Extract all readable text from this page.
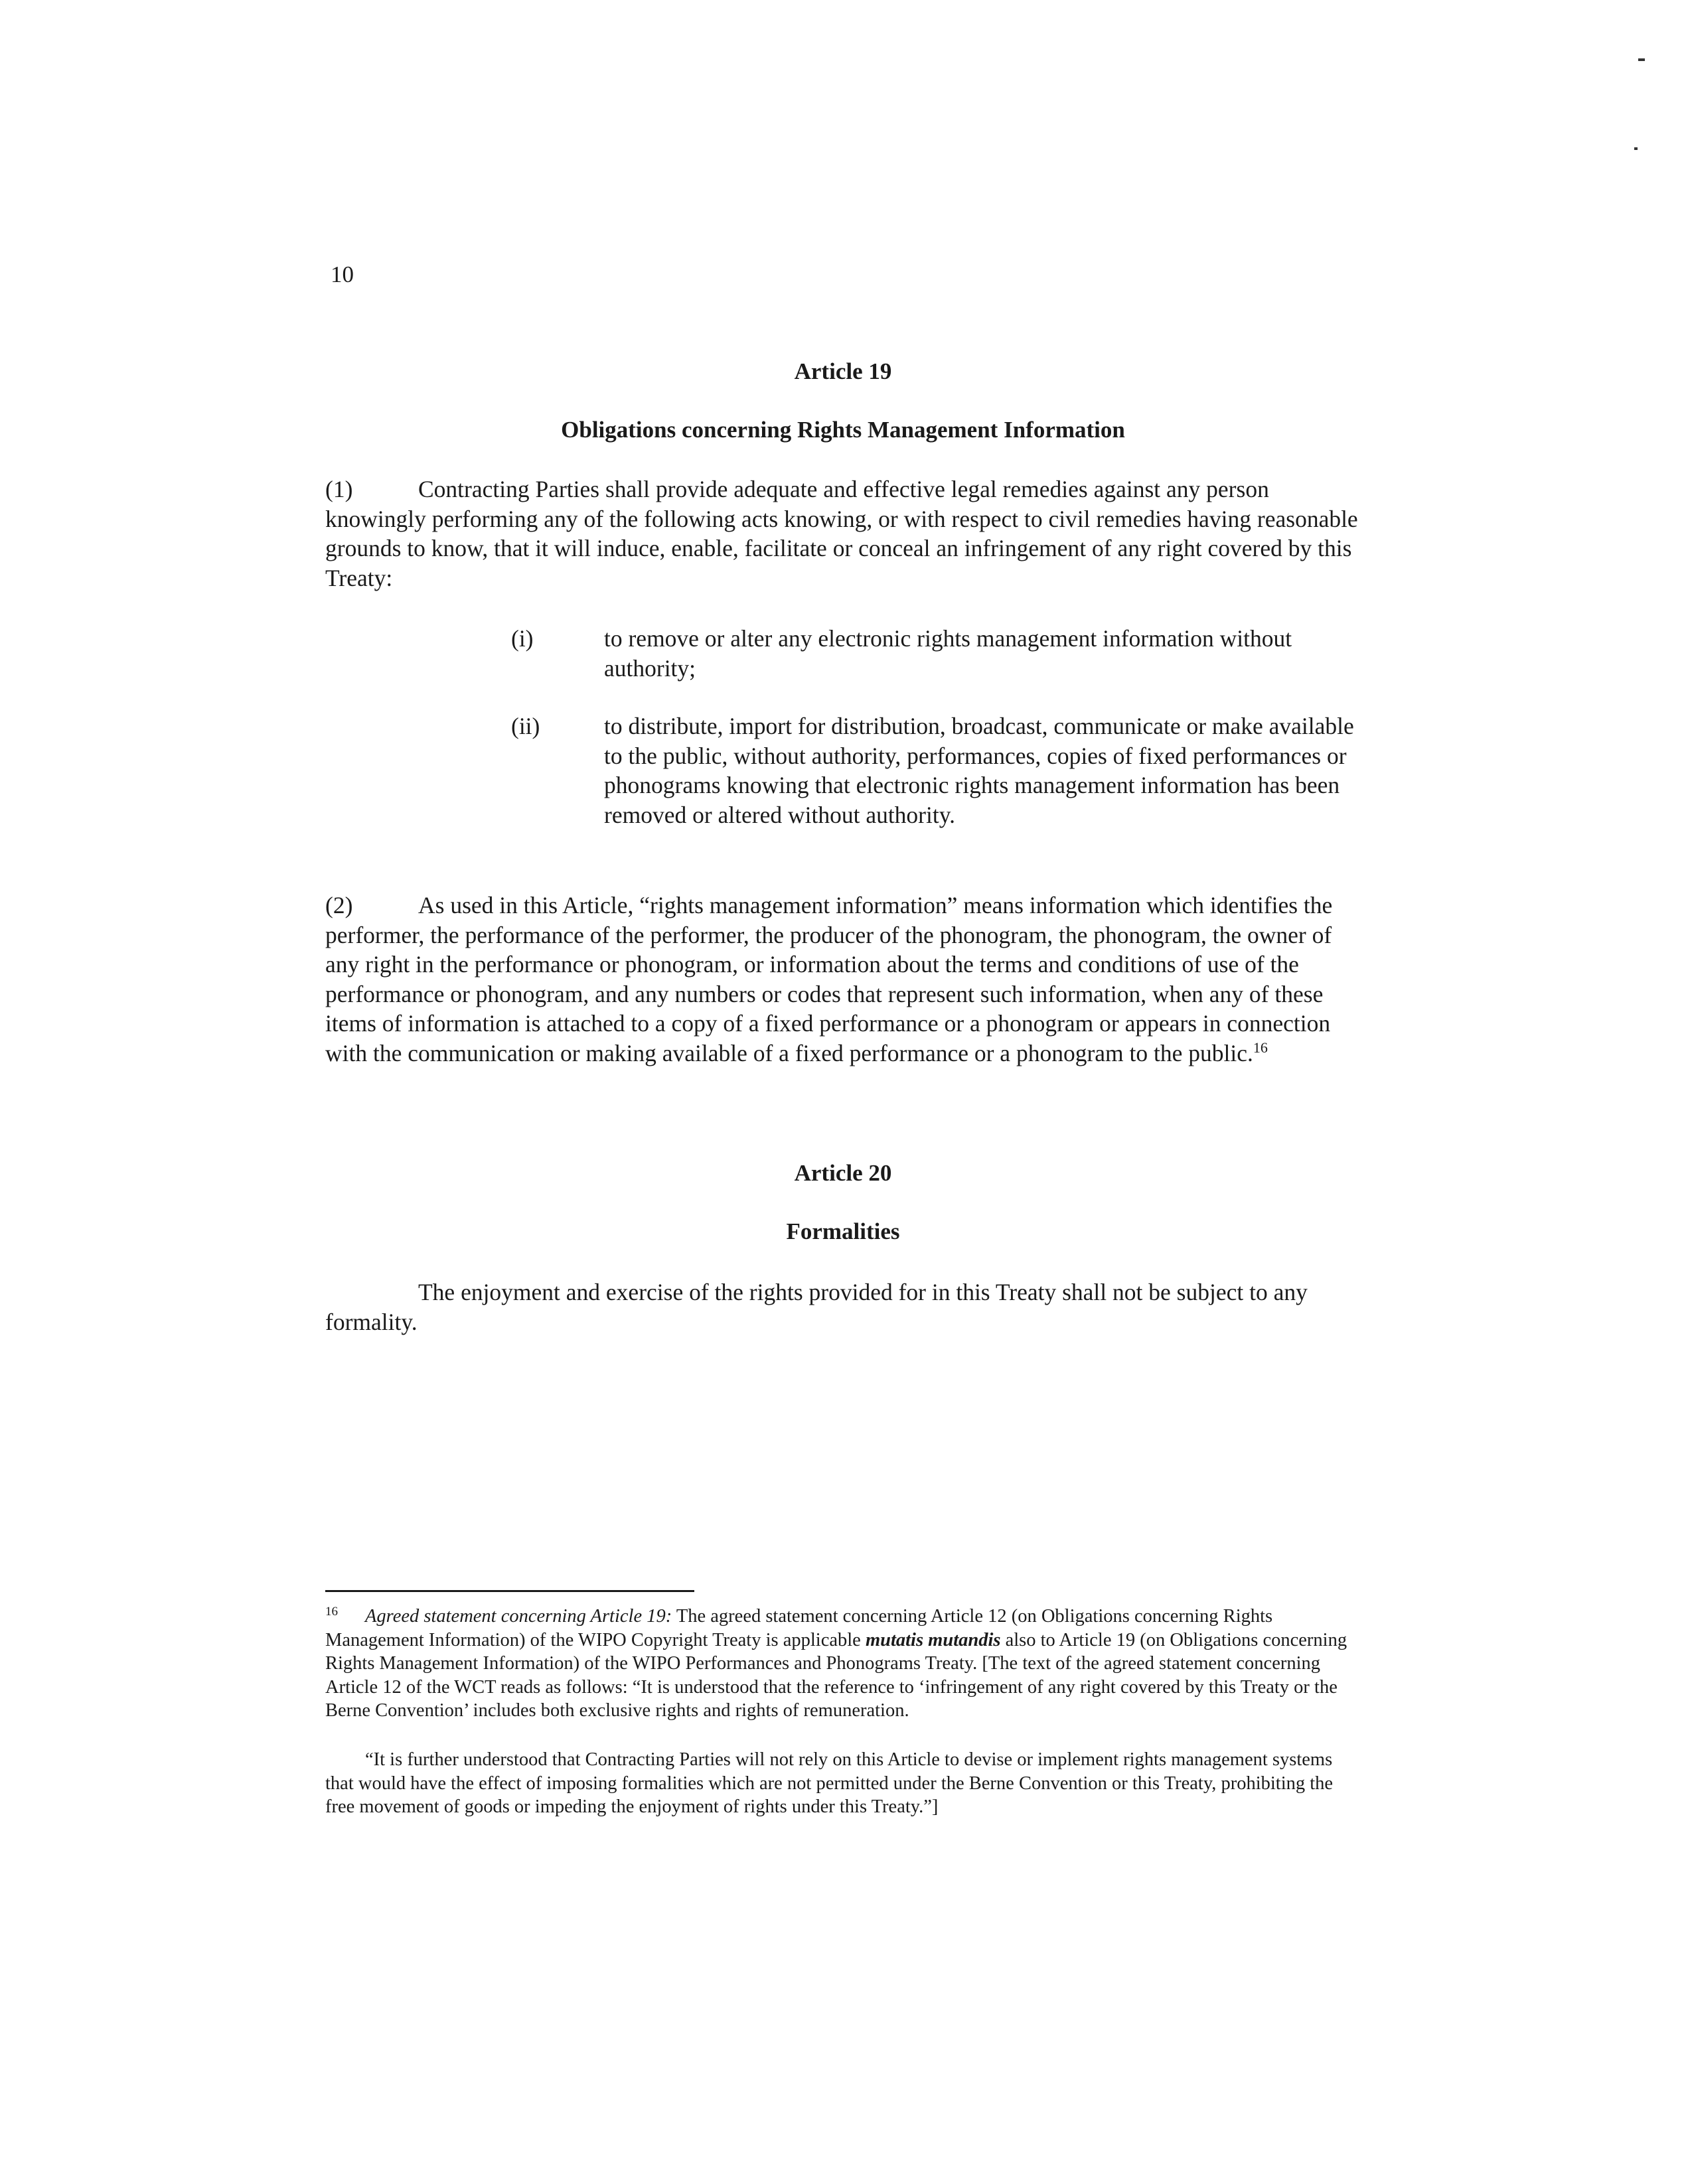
10
Article 19
Obligations concerning Rights Management Information
(1)	Contracting Parties shall provide adequate and effective legal remedies against any person knowingly performing any of the following acts knowing, or with respect to civil remedies having reasonable grounds to know, that it will induce, enable, facilitate or conceal an infringement of any right covered by this Treaty:
(i)	to remove or alter any electronic rights management information without authority;
(ii)	to distribute, import for distribution, broadcast, communicate or make available to the public, without authority, performances, copies of fixed performances or phonograms knowing that electronic rights management information has been removed or altered without authority.
(2)	As used in this Article, “rights management information” means information which identifies the performer, the performance of the performer, the producer of the phonogram, the phonogram, the owner of any right in the performance or phonogram, or information about the terms and conditions of use of the performance or phonogram, and any numbers or codes that represent such information, when any of these items of information is attached to a copy of a fixed performance or a phonogram or appears in connection with the communication or making available of a fixed performance or a phonogram to the public.$^{16}$
Article 20
Formalities
The enjoyment and exercise of the rights provided for in this Treaty shall not be subject to any formality.
16 Agreed statement concerning Article 19: The agreed statement concerning Article 12 (on Obligations concerning Rights Management Information) of the WIPO Copyright Treaty is applicable mutatis mutandis also to Article 19 (on Obligations concerning Rights Management Information) of the WIPO Performances and Phonograms Treaty. [The text of the agreed statement concerning Article 12 of the WCT reads as follows: “It is understood that the reference to ‘infringement of any right covered by this Treaty or the Berne Convention’ includes both exclusive rights and rights of remuneration.
“It is further understood that Contracting Parties will not rely on this Article to devise or implement rights management systems that would have the effect of imposing formalities which are not permitted under the Berne Convention or this Treaty, prohibiting the free movement of goods or impeding the enjoyment of rights under this Treaty.”]
